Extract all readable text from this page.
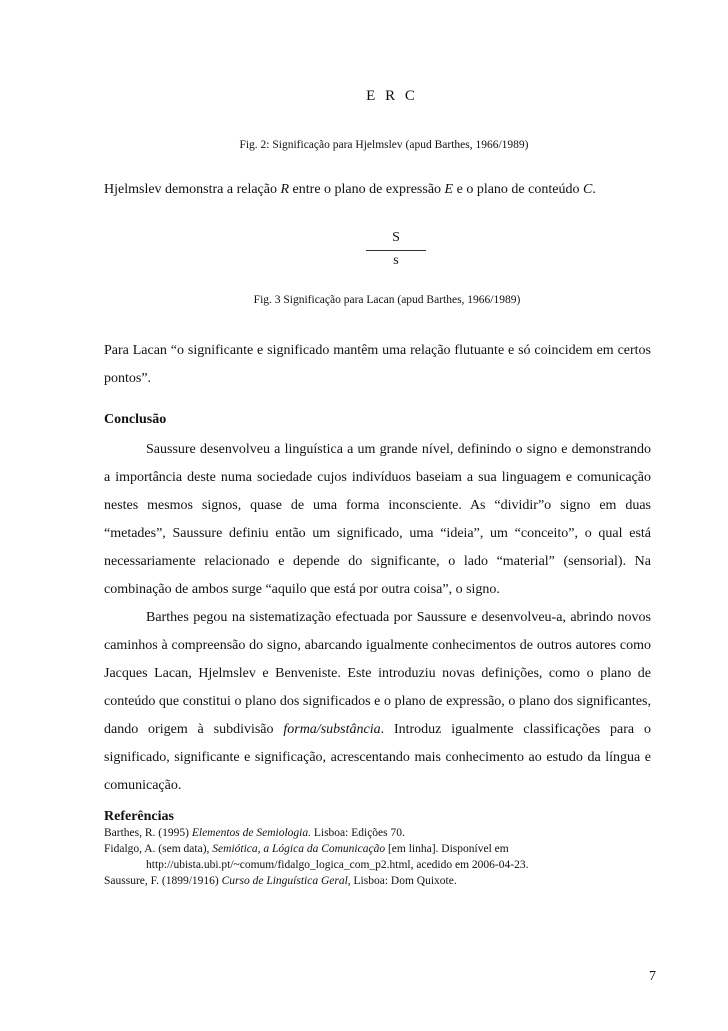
E R C
Fig. 2: Significação para Hjelmslev (apud Barthes, 1966/1989)
Hjelmslev demonstra a relação R entre o plano de expressão E e o plano de conteúdo C.
S
s
Fig. 3 Significação para Lacan (apud Barthes, 1966/1989)
Para Lacan “o significante e significado mantêm uma relação flutuante e só coincidem em certos pontos”.
Conclusão

Saussure desenvolveu a linguística a um grande nível, definindo o signo e demonstrando a importância deste numa sociedade cujos indivíduos baseiam a sua linguagem e comunicação nestes mesmos signos, quase de uma forma inconsciente. As “dividir”o signo em duas “metades”, Saussure definiu então um significado, uma “ideia”, um “conceito”, o qual está necessariamente relacionado e depende do significante, o lado “material” (sensorial). Na combinação de ambos surge “aquilo que está por outra coisa”, o signo.

Barthes pegou na sistematização efectuada por Saussure e desenvolveu-a, abrindo novos caminhos à compreensão do signo, abarcando igualmente conhecimentos de outros autores como Jacques Lacan, Hjelmslev e Benveniste. Este introduziu novas definições, como o plano de conteúdo que constitui o plano dos significados e o plano de expressão, o plano dos significantes, dando origem à subdivisão forma/substância. Introduz igualmente classificações para o significado, significante e significação, acrescentando mais conhecimento ao estudo da língua e comunicação.

Referências

Barthes, R. (1995) Elementos de Semiologia. Lisboa: Edições 70.

Fidalgo, A. (sem data), Semiótica, a Lógica da Comunicação [em linha]. Disponível em

http://ubista.ubi.pt/~comum/fidalgo_logica_com_p2.html, acedido em 2006-04-23.

Saussure, F. (1899/1916) Curso de Linguística Geral, Lisboa: Dom Quixote.

7
